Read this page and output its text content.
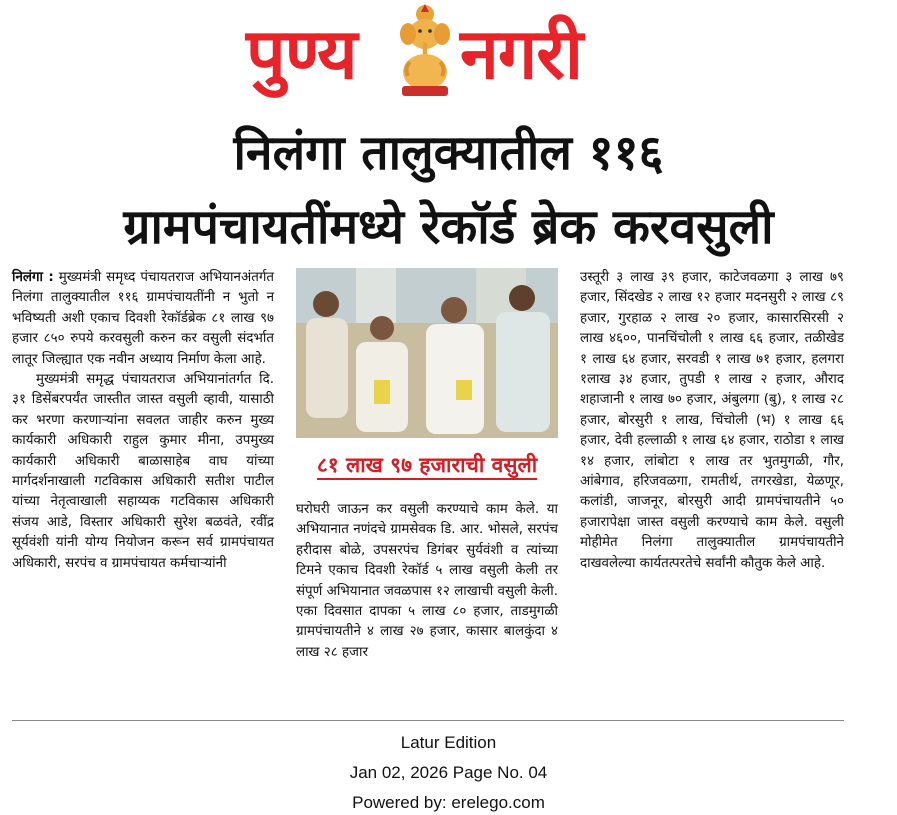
पुण्य नगरी
निलंगा तालुक्यातील ११६
ग्रामपंचायतींमध्ये रेकॉर्ड ब्रेक करवसुली

निलंगा : मुख्यमंत्री समृध्द पंचायतराज अभियानअंतर्गत निलंगा तालुक्यातील ११६ ग्रामपंचायतींनी न भुतो न भविष्यती अशी एकाच दिवशी रेकॉर्डब्रेक ८१ लाख ९७ हजार ८५० रुपये करवसुली करुन कर वसुली संदर्भात लातूर जिल्ह्यात एक नवीन अध्याय निर्माण केला आहे.

मुख्यमंत्री समृद्ध पंचायतराज अभियानांतर्गत दि. ३१ डिसेंबरपर्यंत जास्तीत जास्त वसुली व्हावी, यासाठी कर भरणा करणाऱ्यांना सवलत जाहीर करुन मुख्य कार्यकारी अधिकारी राहुल कुमार मीना, उपमुख्य कार्यकारी अधिकारी बाळासाहेब वाघ यांच्या मार्गदर्शनाखाली गटविकास अधिकारी सतीश पाटील यांच्या नेतृत्वाखाली सहाय्यक गटविकास अधिकारी संजय आडे, विस्तार अधिकारी सुरेश बळवंते, रवींद्र सूर्यवंशी यांनी योग्य नियोजन करून सर्व ग्रामपंचायत अधिकारी, सरपंच व ग्रामपंचायत कर्मचाऱ्यांनी

८१ लाख ९७ हजाराची वसुली

घरोघरी जाऊन कर वसुली करण्याचे काम केले. या अभियानात नणंदचे ग्रामसेवक डि. आर. भोसले, सरपंच हरीदास बोळे, उपसरपंच डिगंबर सुर्यवंशी व त्यांच्या टिमने एकाच दिवशी रेकॉर्ड ५ लाख वसुली केली तर संपूर्ण अभियानात जवळपास १२ लाखाची वसुली केली. एका दिवसात दापका ५ लाख ८० हजार, ताडमुगळी ग्रामपंचायतीने ४ लाख २७ हजार, कासार बालकुंदा ४ लाख २८ हजार

उस्तूरी ३ लाख ३९ हजार, काटेजवळगा ३ लाख ७९ हजार, सिंदखेड २ लाख १२ हजार मदनसुरी २ लाख ८९ हजार, गुरहाळ २ लाख २० हजार, कासारसिरसी २ लाख ४६००, पानचिंचोली १ लाख ६६ हजार, तळीखेड १ लाख ६४ हजार, सरवडी १ लाख ७१ हजार, हलगरा १लाख ३४ हजार, तुपडी १ लाख २ हजार, औराद शहाजानी १ लाख ७० हजार, अंबुलगा (बु), १ लाख २८ हजार, बोरसुरी १ लाख, चिंचोली (भ) १ लाख ६६ हजार, देवी हल्लाळी १ लाख ६४ हजार, राठोडा १ लाख १४ हजार, लांबोटा १ लाख तर भुतमुगळी, गौर, आंबेगाव, हरिजवळगा, रामतीर्थ, तगरखेडा, येळणूर, कलांडी, जाजनूर, बोरसुरी आदी ग्रामपंचायतीने ५० हजारापेक्षा जास्त वसुली करण्याचे काम केले. वसुली मोहीमेत निलंगा तालुक्यातील ग्रामपंचायतीने दाखवलेल्या कार्यतत्परतेचे सर्वांनी कौतुक केले आहे.

Latur Edition
Jan 02, 2026 Page No. 04
Powered by: erelego.com
